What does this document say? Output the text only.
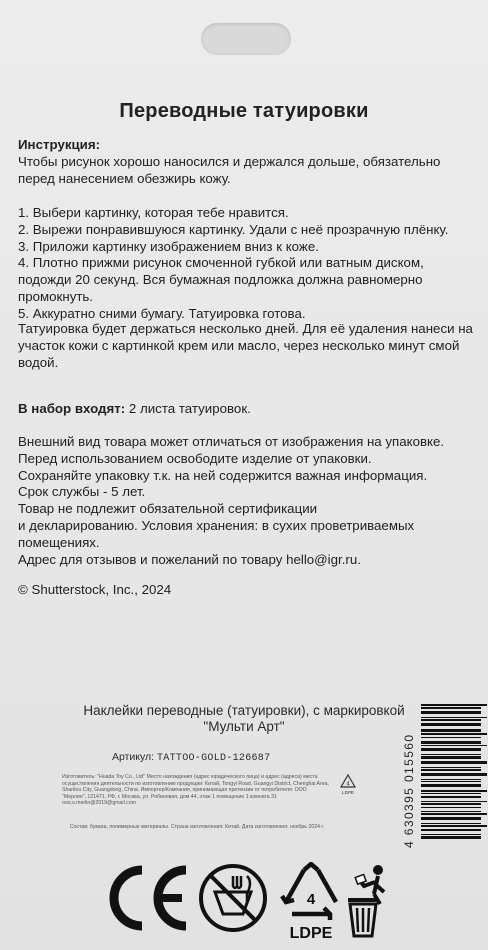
Переводные татуировки
Инструкция:
Чтобы рисунок хорошо наносился и держался дольше, обязательно перед нанесением обезжирь кожу.

1. Выбери картинку, которая тебе нравится.

2. Вырежи понравившуюся картинку. Удали с неё прозрачную плёнку.

3. Приложи картинку изображением вниз к коже.

4. Плотно прижми рисунок смоченной губкой или ватным диском, подожди 20 секунд. Вся бумажная подложка должна равномерно промокнуть.

5. Аккуратно сними бумагу. Татуировка готова.

Татуировка будет держаться несколько дней. Для её удаления нанеси на участок кожи с картинкой крем или масло, через несколько минут смой водой.
В набор входят: 2 листа татуировок.

Внешний вид товара может отличаться от изображения на упаковке.

Перед использованием освободите изделие от упаковки.

Сохраняйте упаковку т.к. на ней содержится важная информация.

Срок службы - 5 лет.

Товар не подлежит обязательной сертификации

и декларированию. Условия хранения: в сухих проветриваемых помещениях.

Адрес для отзывов и пожеланий по товару hello@igr.ru.

© Shutterstock, Inc., 2024
Наклейки переводные (татуировки), с маркировкой "Мульти Арт"
Артикул: TATTOO-GOLD-126687
Изготовитель: "Huada Toy Co., Ltd" Место нахождения (адрес юридического лица) и адрес (адреса) места осуществления деятельности по изготовлению продукции: Китай, Tongyi Road, Guangyi District, Chenghai Area, Shantou City, Guangdong, China. Импортер/Компания, принимающая претензии от потребителя: ООО "Мерлин", 121471, РФ, г. Москва, ул. Рябиновая, дом 44, этаж 1 помещение 1 комната 31 ooo.s.merlin@2019@gmail.com
Состав: бумага, полимерные материалы. Страна изготовления: Китай. Дата изготовления: ноябрь 2024 г.
4
LDPE	4 630395 015560
4
LDPE
